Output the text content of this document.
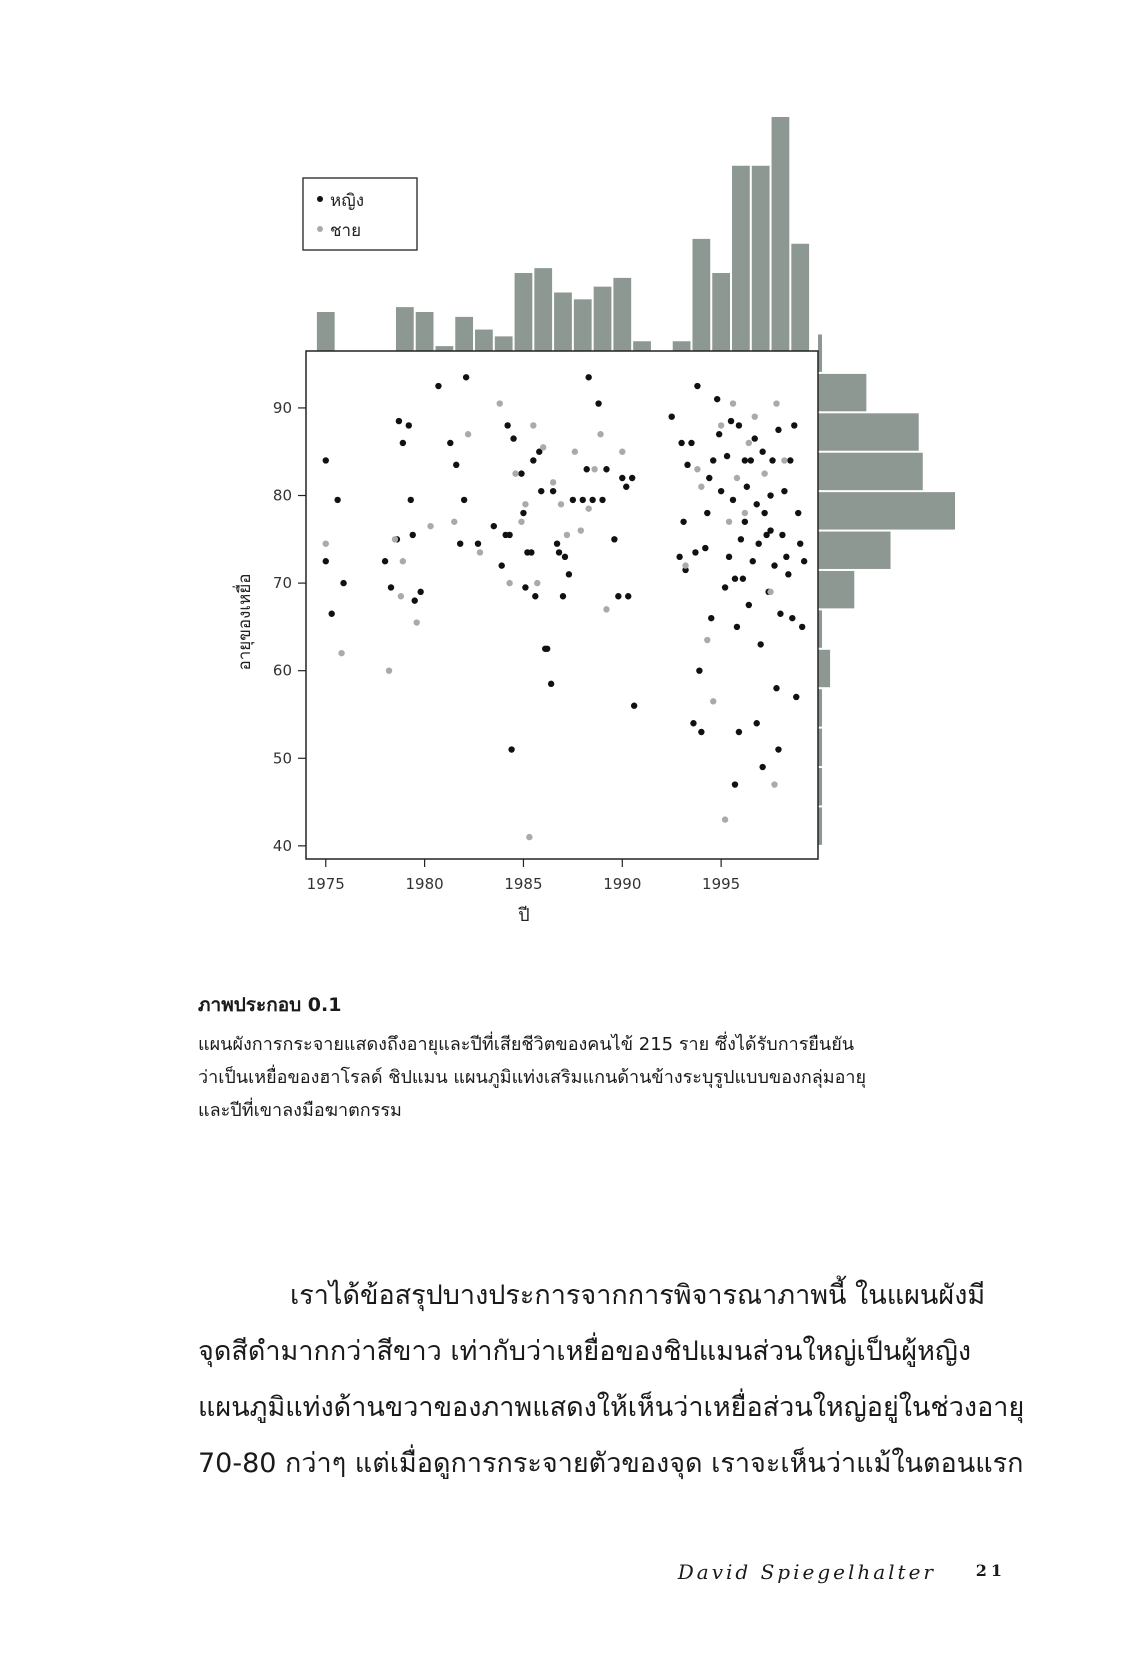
1975	1980	1985	1990	1995
40
50
60
70
80
90
ปี
อายุของเหยื่อ
หญิง
ชาย

ภาพประกอบ 0.1

แผนผังการกระจายแสดงถึงอายุและปีที่เสียชีวิตของคนไข้ 215 ราย ซึ่งได้รับการยืนยัน

ว่าเป็นเหยื่อของฮาโรลด์ ชิปแมน แผนภูมิแท่งเสริมแกนด้านข้างระบุรูปแบบของกลุ่มอายุ

และปีที่เขาลงมือฆาตกรรม

เราได้ข้อสรุปบางประการจากการพิจารณาภาพนี้ ในแผนผังมี

จุดสีดำมากกว่าสีขาว เท่ากับว่าเหยื่อของชิปแมนส่วนใหญ่เป็นผู้หญิง

แผนภูมิแท่งด้านขวาของภาพแสดงให้เห็นว่าเหยื่อส่วนใหญ่อยู่ในช่วงอายุ

70-80 กว่าๆ แต่เมื่อดูการกระจายตัวของจุด เราจะเห็นว่าแม้ในตอนแรก

David Spiegelhalter 21
